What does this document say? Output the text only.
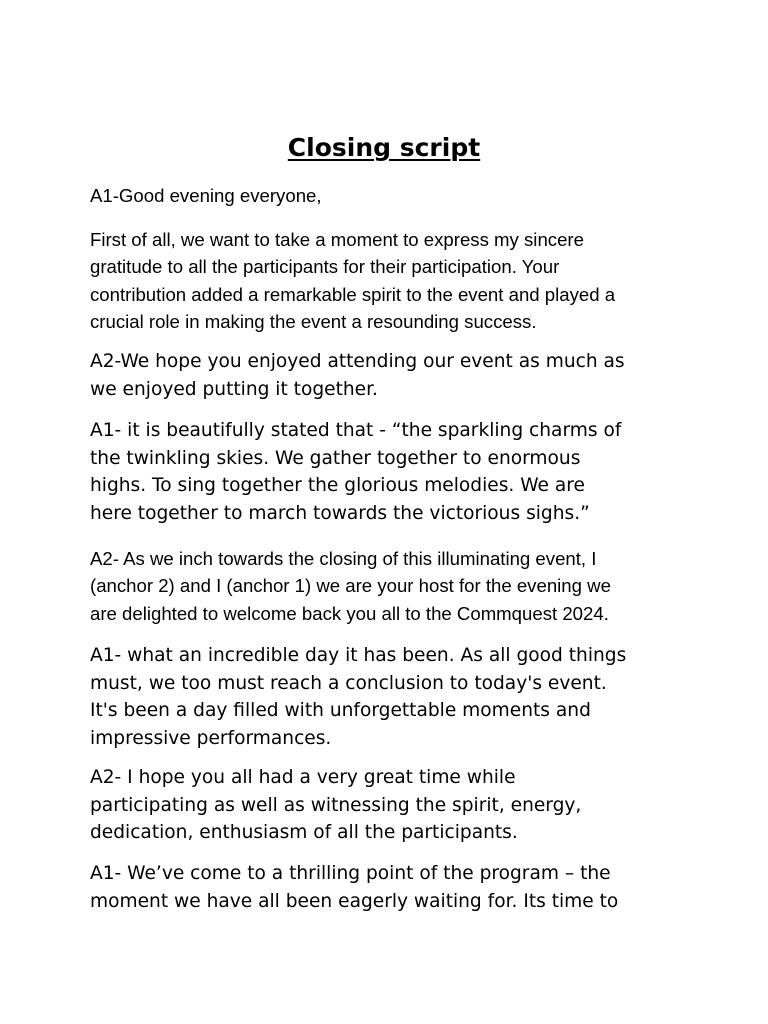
Closing script

A1-Good evening everyone,

First of all, we want to take a moment to express my sincere
gratitude to all the participants for their participation. Your
contribution added a remarkable spirit to the event and played a
crucial role in making the event a resounding success.

A2-We hope you enjoyed attending our event as much as
we enjoyed putting it together.

A1- it is beautifully stated that - “the sparkling charms of
the twinkling skies. We gather together to enormous
highs. To sing together the glorious melodies. We are
here together to march towards the victorious sighs.”

A2- As we inch towards the closing of this illuminating event, I
(anchor 2) and I (anchor 1) we are your host for the evening we
are delighted to welcome back you all to the Commquest 2024.

A1- what an incredible day it has been. As all good things
must, we too must reach a conclusion to today's event.
It's been a day filled with unforgettable moments and
impressive performances.

A2- I hope you all had a very great time while
participating as well as witnessing the spirit, energy,
dedication, enthusiasm of all the participants.

A1- We’ve come to a thrilling point of the program – the
moment we have all been eagerly waiting for. Its time to
